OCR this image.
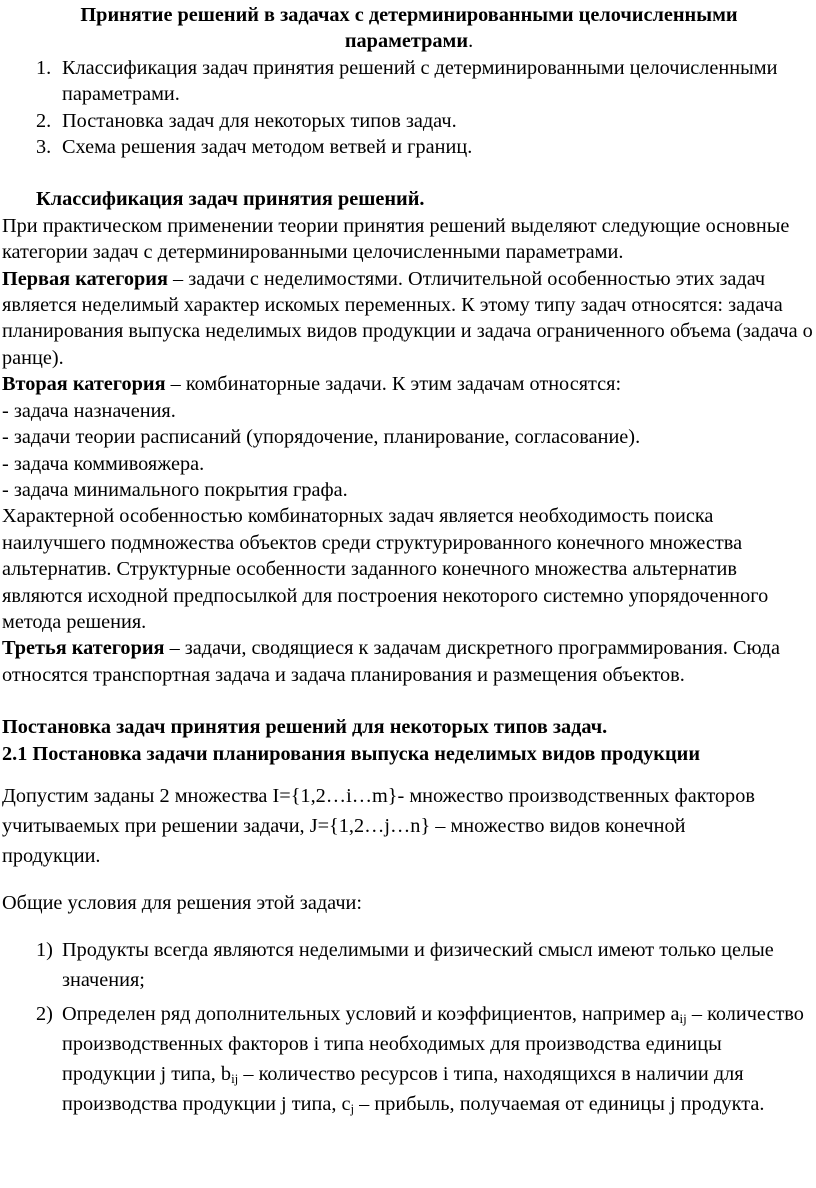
Принятие решений в задачах с детерминированными целочисленными параметрами.
1. Классификация задач принятия решений с детерминированными целочисленными параметрами.
2. Постановка задач для некоторых типов задач.
3. Схема решения задач методом ветвей и границ.
Классификация задач принятия решений.
При практическом применении теории принятия решений выделяют следующие основные категории задач с детерминированными целочисленными параметрами.
Первая категория – задачи с неделимостями. Отличительной особенностью этих задач является неделимый характер искомых переменных. К этому типу задач относятся: задача планирования выпуска неделимых видов продукции и задача ограниченного объема (задача о ранце).
Вторая категория – комбинаторные задачи. К этим задачам относятся:
- задача назначения.
- задачи теории расписаний (упорядочение, планирование, согласование).
- задача коммивояжера.
- задача минимального покрытия графа.
Характерной особенностью комбинаторных задач является необходимость поиска наилучшего подмножества объектов среди структурированного конечного множества альтернатив. Структурные особенности заданного конечного множества альтернатив являются исходной предпосылкой для построения некоторого системно упорядоченного метода решения.
Третья категория – задачи, сводящиеся к задачам дискретного программирования. Сюда относятся транспортная задача и задача планирования и размещения объектов.
Постановка задач принятия решений для некоторых типов задач.
2.1 Постановка задачи планирования выпуска неделимых видов продукции
Допустим заданы 2 множества I={1,2…i…m}- множество производственных факторов учитываемых при решении задачи, J={1,2…j…n} – множество видов конечной продукции.
Общие условия для решения этой задачи:
1) Продукты всегда являются неделимыми и физический смысл имеют только целые значения;
2) Определен ряд дополнительных условий и коэффициентов, например $a_{ij}$ – количество производственных факторов i типа необходимых для производства единицы продукции j типа, $b_{ij}$ – количество ресурсов i типа, находящихся в наличии для производства продукции j типа, $c_j$ – прибыль, получаемая от единицы j продукта.
